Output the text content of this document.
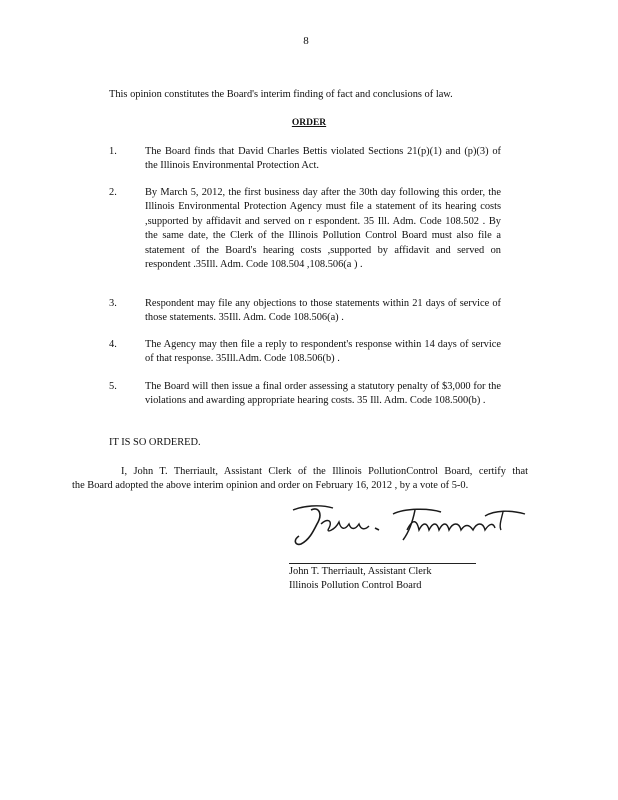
8

This opinion constitutes the Board's interim finding of fact and conclusions of law.

ORDER
1.	The Board finds that David Charles Bettis violated Sections 21(p)(1) and (p)(3) of the Illinois Environmental Protection Act.
2.	By March 5, 2012, the first business day after the 30th day following this order, the Illinois Environmental Protection Agency must file a statement of its hearing costs ,supported by affidavit and served on r espondent. 35 Ill. Adm. Code 108.502 . By the same date, the Clerk of the Illinois Pollution Control Board must also file a statement of the Board's hearing costs ,supported by affidavit and served on respondent .35Ill. Adm. Code 108.504 ,108.506(a ) .
3.	Respondent may file any objections to those statements within 21 days of service of those statements. 35Ill. Adm. Code 108.506(a) .
4.	The Agency may then file a reply to respondent's response within 14 days of service of that response. 35Ill.Adm. Code 108.506(b) .
5.	The Board will then issue a final order assessing a statutory penalty of $3,000 for the violations and awarding appropriate hearing costs. 35 Ill. Adm. Code 108.500(b) .
IT IS SO ORDERED.
I, John T. Therriault, Assistant Clerk of the Illinois PollutionControl Board, certify that
the Board adopted the above interim opinion and order on February 16, 2012 , by a vote of 5-0.
John T. Therriault, Assistant Clerk
Illinois Pollution Control Board
